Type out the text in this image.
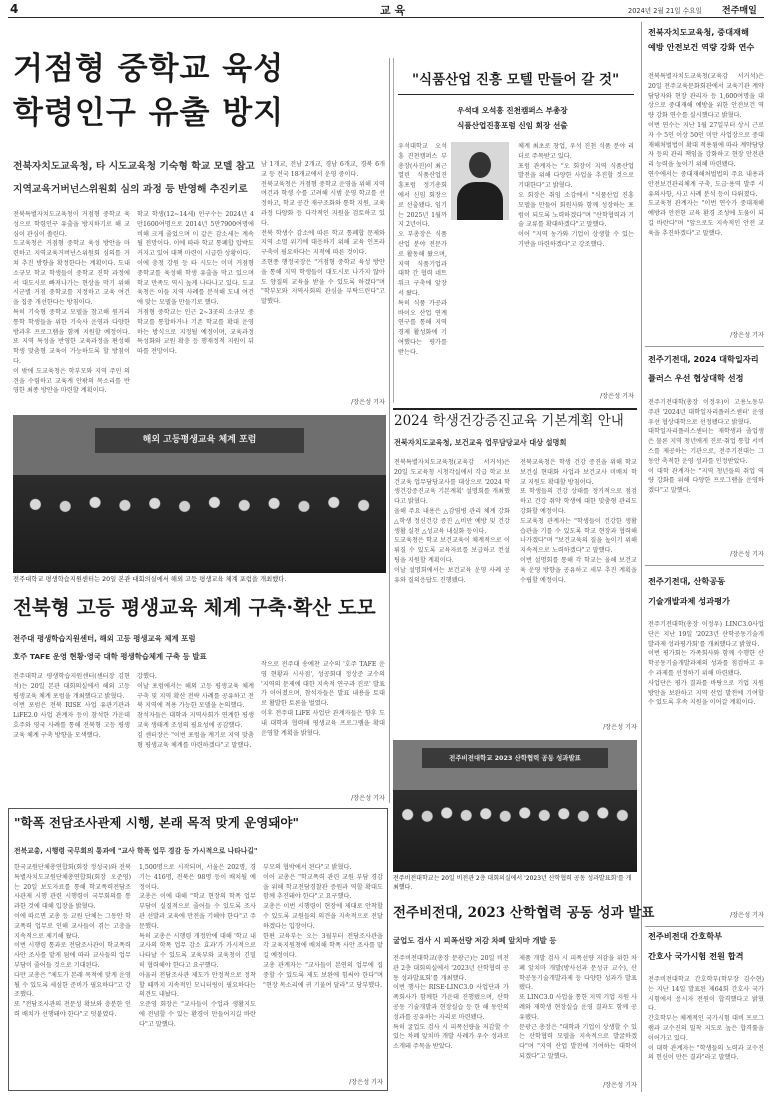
4	교 육	2024년 2월 21일 수요일 전주매일
거점형 중학교 육성
학령인구 유출 방지
전북자치도교육청, 타 시도교육청 기숙형 학교 모델 참고
지역교육거버넌스위원회 심의 과정 등 반영해 추진키로
전북특별자치도교육청이 거점형 중학교 육성으로 학령인구 유출을 방지하기로 해 교심이 관심이 쏠린다.
도교육청은 거점형 중학교 육성 방안을 마련하고 지역교육거버넌스위원회 심의를 거쳐 추진 방향을 확정한다는 계획이다. 도내 소규모 학교 학생들이 중학교 진학 과정에서 대도시로 빠져나가는 현상을 막기 위해 시군별 거점 중학교를 지정하고 교육 여건을 집중 개선한다는 방침이다.
특히 기숙형 중학교 모델을 참고해 원거리 통학 학생들을 위한 기숙사 운영과 다양한 방과후 프로그램을 함께 지원할 예정이다. 또 지역 특성을 반영한 교육과정을 편성해 학생 맞춤형 교육이 가능하도록 할 방침이다.
이 밖에 도교육청은 학부모와 지역 주민 의견을 수렴하고 교육계 안팎의 목소리를 반영한 최종 방안을 마련할 계획이다.
학교 학생(12~14세) 인구수는 2024년 4만1600여명으로 2014년 5만7900여명에 비해 크게 줄었으며 이 같은 감소세는 계속될 전망이다. 이에 따라 학교 통폐합 압박도 커지고 있어 대책 마련이 시급한 상황이다.
이에 충청 강원 등 타 시도는 이미 거점형 중학교를 육성해 학생 유출을 막고 있으며 학교 만족도 역시 높게 나타나고 있다. 도교육청은 이들 지역 사례를 분석해 도내 여건에 맞는 모델을 만들기로 했다.
거점형 중학교는 인근 2~3곳의 소규모 중학교를 통합하거나 기존 학교를 확대 운영하는 방식으로 지정될 예정이며, 교육과정 특성화와 교원 확충 등 행재정적 지원이 뒤따를 전망이다.
남 1개교, 전남 2개교, 경남 6개교, 경북 6개교 등 전국 18개교에서 운영 중이다.
전북교육청은 거점형 중학교 운영을 위해 지역 여건과 학생 수를 고려해 시범 운영 학교를 선정하고, 학교 공간 재구조화와 통학 지원, 교육과정 다양화 등 다각적인 지원을 검토하고 있다.
전북 학생수 감소에 따른 학교 통폐합 문제와 지역 소멸 위기에 대응하기 위해 교육 인프라 구축이 필요하다는 지적에 따른 것이다.
조현종 행정국장은 "거점형 중학교 육성 방안을 통해 지역 학생들이 대도시로 나가지 않아도 양질의 교육을 받을 수 있도록 하겠다"며 "학부모와 지역사회의 관심을 부탁드린다"고 말했다.
/장은성 기자
"식품산업 진흥 모텔 만들어 갈 것"
우석대 오석흥 진천캠퍼스 부총장
식품산업진흥포럼 신임 회장 선출
우석대학교 오석흥 진천캠퍼스 부총장(사진)이 최근 열린 식품산업진흥포럼 정기총회에서 신임 회장으로 선출됐다. 임기는 2025년 1월까지 2년이다.
오 부총장은 식품산업 분야 전문가로 활동해 왔으며, 지역 식품기업과 대학 간 협력 네트워크 구축에 앞장서 왔다.
특히 식품 가공과 바이오 산업 연계 연구를 통해 지역 경제 활성화에 기여했다는 평가를 받는다.
체계 최초로 창업, 우석 진천 식품 분야 리더로 주목받고 있다.
포럼 관계자는 "오 회장이 지역 식품산업 발전을 위해 다양한 사업을 추진할 것으로 기대한다"고 밝혔다.
오 회장은 취임 소감에서 "식품산업 진흥 모델을 만들어 회원사와 함께 성장하는 포럼이 되도록 노력하겠다"며 "산학협력과 기술 교류를 확대하겠다"고 말했다.
이어 "지역 농가와 기업이 상생할 수 있는 기반을 마련하겠다"고 강조했다.
/장은성 기자
전북자치도교육청, 중대재해
예방 안전보건 역량 강화 연수
전북특별자치도교육청(교육감 서거석)은 20일 전주교육문화회관에서 교육기관 계약담당자와 현장 관리자 등 1,600여명을 대상으로 중대재해 예방을 위한 안전보건 역량 강화 연수를 실시했다고 밝혔다.
이번 연수는 지난 1월 27일부터 상시 근로자 수 5인 이상 50인 미만 사업장으로 중대재해처벌법이 확대 적용됨에 따라 계약담당자 등의 관리 책임을 강화하고 현장 안전관리 능력을 높이기 위해 마련됐다.
연수에서는 중대재해처벌법의 주요 내용과 안전보건관리체계 구축, 도급·용역 발주 시 유의사항, 사고 사례 분석 등이 다뤄졌다.
도교육청 관계자는 "이번 연수가 중대재해 예방과 안전한 교육 환경 조성에 도움이 되길 바란다"며 "앞으로도 지속적인 안전 교육을 추진하겠다"고 말했다.
/장은성 기자
전주기전대, 2024 대학일자리
플러스 우선 협상대학 선정
전주기전대학(총장 이정우)이 고용노동부 주관 '2024년 대학일자리플러스센터' 운영 우선 협상대학으로 선정됐다고 밝혔다.
대학일자리플러스센터는 재학생과 졸업생은 물론 지역 청년에게 진로·취업 통합 서비스를 제공하는 기관으로, 전주기전대는 그동안 축적한 운영 성과를 인정받았다.
이 대학 관계자는 "지역 청년들의 취업 역량 강화를 위해 다양한 프로그램을 운영하겠다"고 말했다.
/장은성 기자
전주기전대, 산학공동
기술개발과제 성과평가
전주기전대학(총장 이정우) LINC3.0사업단은 지난 19일 '2023년 산학공동기술개발과제 성과평가회'를 개최했다고 밝혔다.
이번 평가회는 가족회사와 함께 수행한 산학공동기술개발과제의 성과를 점검하고 우수 과제를 선정하기 위해 마련됐다.
사업단은 평가 결과를 바탕으로 기업 지원 방안을 보완하고 지역 산업 발전에 기여할 수 있도록 후속 지원을 이어갈 계획이다.
/장은성 기자
전주비전대 간호학부
간호사 국가시험 전원 합격
전주비전대학교 간호학부(학부장 김수현)는 지난 14일 발표된 제64회 간호사 국가시험에서 응시자 전원이 합격했다고 밝혔다.
간호학부는 체계적인 국가시험 대비 프로그램과 교수진의 밀착 지도로 높은 합격률을 이어가고 있다.
이 대학 관계자는 "학생들의 노력과 교수진의 헌신이 만든 결과"라고 말했다.
2024 학생건강증진교육 기본계획 안내
전북자치도교육청, 보건교육 업무담당교사 대상 설명회
전북특별자치도교육청(교육감 서거석)은 20일 도교육청 시청각실에서 각급 학교 보건교육 업무담당교사를 대상으로 '2024 학생건강증진교육 기본계획' 설명회를 개최했다고 밝혔다.
올해 주요 내용은 △감염병 관리 체계 강화 △학생 정신건강 증진 △비만 예방 및 건강생활 실천 △성교육 내실화 등이다.
도교육청은 학교 보건교육이 체계적으로 이뤄질 수 있도록 교육자료를 보급하고 컨설팅을 지원할 계획이다.
이날 설명회에서는 보건교육 운영 사례 공유와 질의응답도 진행됐다.
전북교육청은 학생 건강 증진을 위해 학교 보건실 현대화 사업과 보건교사 미배치 학교 지원도 확대할 방침이다.
또 학생들의 건강 상태를 정기적으로 점검하고 건강 취약 학생에 대한 맞춤형 관리도 강화할 예정이다.
도교육청 관계자는 "학생들이 건강한 생활 습관을 기를 수 있도록 학교 현장과 협력해 나가겠다"며 "보건교육의 질을 높이기 위해 지속적으로 노력하겠다"고 말했다.
이번 설명회를 통해 각 학교는 올해 보건교육 운영 방향을 공유하고 세부 추진 계획을 수립할 예정이다.
/장은성 기자
해외 고등평생교육 체계 포럼
전주대학교 평생학습지원센터는 20일 본관 대회의실에서 해외 고등 평생교육 체계 포럼을 개최했다.
전북형 고등 평생교육 체계 구축·확산 도모
전주대 평생학습지원센터, 해외 고등 평생교육 체계 포럼
호주 TAFE 운영 현황·영국 대학 평생학습체계 구축 등 발표
전주대학교 평생학습지원센터(센터장 김현석)는 20일 본관 대회의실에서 해외 고등 평생교육 체계 포럼을 개최했다고 밝혔다.
이번 포럼은 전북 RISE 사업 유관기관과 LiFE2.0 사업 관계자 등이 참석한 가운데 호주와 영국 사례를 통해 전북형 고등 평생교육 체계 구축 방향을 모색했다.
강했다.
이날 포럼에서는 해외 고등 평생교육 체계 구축 및 지역 확산 전략 사례를 공유하고 전북 지역에 적용 가능한 모델을 논의했다.
참석자들은 대학과 지역사회가 연계한 평생교육 생태계 조성의 필요성에 공감했다.
김 센터장은 "이번 포럼을 계기로 지역 맞춤형 평생교육 체계를 마련하겠다"고 말했다.
작으로 전주대 송예찬 교수의 '호주 TAFE 운영 현황과 시사점', 성공회대 정상준 교수의 '지역의 문제에 대한 지속적 연구과 진로' 발표가 이어졌으며, 참석자들은 발표 내용을 토대로 활발한 토론을 벌였다.
이후 전주대 LiFE 사업단 관계자들은 향후 도내 대학과 협력해 평생교육 프로그램을 확대 운영할 계획을 밝혔다.
/장은성 기자
"학폭 전담조사관제 시행, 본래 목적 맞게 운영돼야"
전북교총, 시행령 국무회의 통과에 "교사 학폭 업무 경감 등 가시적으로 나타나길"
한국교원단체총연합회(회장 정성국)와 전북특별자치도교원단체총연합회(회장 오준영)는 20일 보도자료를 통해 학교폭력전담조사관제 시행 관련 시행령이 국무회의를 통과한 것에 대해 입장을 밝혔다.
이에 따르면 교총 등 교원 단체는 그동안 학교폭력 업무로 인해 교사들이 겪는 고충을 지속적으로 제기해 왔다.
이번 시행령 통과로 전담조사관이 학교폭력 사안 조사를 맡게 됨에 따라 교사들의 업무 부담이 줄어들 것으로 기대된다.
다만 교총은 "제도가 본래 목적에 맞게 운영될 수 있도록 세심한 준비가 필요하다"고 강조했다.
또 "전담조사관의 전문성 확보와 충분한 인력 배치가 선행돼야 한다"고 덧붙였다.
1,500명으로 시작되며, 서울은 202명, 경기는 416명, 전북은 98명 등이 배치될 예정이다.
교총은 이에 대해 "학교 현장의 학폭 업무 부담이 실질적으로 줄어들 수 있도록 조사관 선발과 교육에 만전을 기해야 한다"고 주문했다.
특히 교총은 시행령 개정안에 대해 '학교 내 교사의 학폭 업무 감소 효과'가 가시적으로 나타날 수 있도록 교육부와 교육청이 긴밀히 협력해야 한다고 요구했다.
아울러 전담조사관 제도가 안정적으로 정착할 때까지 지속적인 모니터링이 필요하다는 의견도 내놨다.
오준영 회장은 "교사들이 수업과 생활지도에 전념할 수 있는 환경이 만들어지길 바란다"고 말했다.
부모의 협박에서 된다"고 밝혔다.
이어 교총은 "학교폭력 관련 교원 부담 경감을 위해 학교전담경찰관 증원과 역할 확대도 함께 추진돼야 한다"고 요구했다.
교총은 이번 시행령이 현장에 제대로 안착할 수 있도록 교원들의 의견을 지속적으로 전달하겠다는 입장이다.
한편 교육부는 오는 3월부터 전담조사관을 각 교육지원청에 배치해 학폭 사안 조사를 맡길 예정이다.
교총 관계자는 "교사들이 본연의 업무에 집중할 수 있도록 제도 보완에 힘써야 한다"며 "현장 목소리에 귀 기울여 달라"고 당부했다.
/장은성 기자
전주비전대학교 2023 산학협력 공동 성과발표
전주비전대학교는 20일 비전관 2층 대회의실에서 '2023년 산학협력 공동 성과발표회'를 개최했다.
전주비전대, 2023 산학협력 공동 성과 발표
굴업도 검사 시 피폭선량 저감 차폐 앞치마 개발 등
전주비전대학교(총장 문광근)는 20일 비전관 2층 대회의실에서 '2023년 산학협력 공동 성과발표회'를 개최했다.
이번 행사는 RISE·LINC3.0 사업단과 가족회사가 함께한 가운데 진행됐으며, 산학공동 기술개발과 현장실습 등 한 해 동안의 성과를 공유하는 자리로 마련됐다.
특히 굴업도 검사 시 피폭선량을 저감할 수 있는 차폐 앞치마 개발 사례가 우수 성과로 소개돼 주목을 받았다.
제품 개발 검사 시 피폭선량 저감을 위한 차폐 앞치마 개발(방사선과 문성규 교수), 산학공동기술개발과제 등 다양한 성과가 발표됐다.
또 LINC3.0 사업을 통한 지역 기업 지원 사례와 재학생 현장실습 운영 결과도 함께 공유됐다.
문광근 총장은 "대학과 기업이 상생할 수 있는 산학협력 모델을 지속적으로 발굴하겠다"며 "지역 산업 발전에 기여하는 대학이 되겠다"고 말했다.
/장은성 기자
